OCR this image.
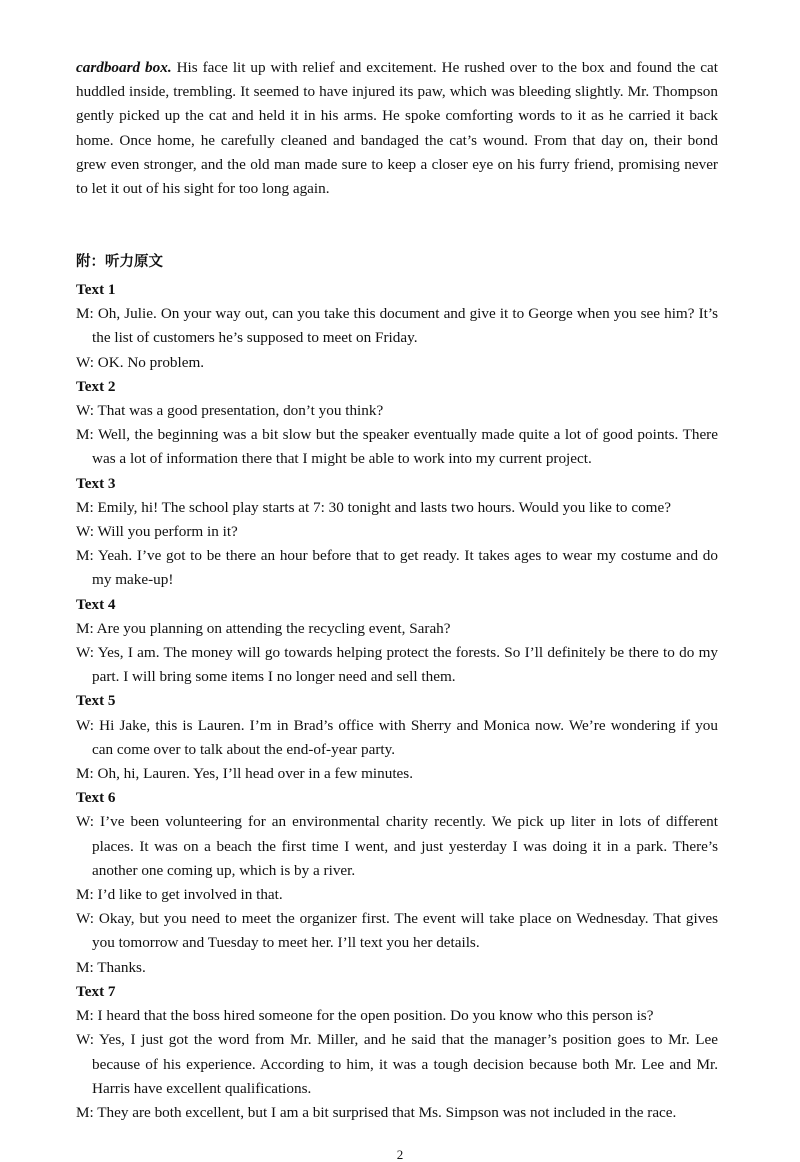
cardboard box. His face lit up with relief and excitement. He rushed over to the box and found the cat huddled inside, trembling. It seemed to have injured its paw, which was bleeding slightly. Mr. Thompson gently picked up the cat and held it in his arms. He spoke comforting words to it as he carried it back home. Once home, he carefully cleaned and bandaged the cat’s wound. From that day on, their bond grew even stronger, and the old man made sure to keep a closer eye on his furry friend, promising never to let it out of his sight for too long again.

附：听力原文

Text 1

M: Oh, Julie. On your way out, can you take this document and give it to George when you see him? It’s the list of customers he’s supposed to meet on Friday.

W: OK. No problem.

Text 2

W: That was a good presentation, don’t you think?

M: Well, the beginning was a bit slow but the speaker eventually made quite a lot of good points. There was a lot of information there that I might be able to work into my current project.

Text 3

M: Emily, hi! The school play starts at 7: 30 tonight and lasts two hours. Would you like to come?

W: Will you perform in it?

M: Yeah. I’ve got to be there an hour before that to get ready. It takes ages to wear my costume and do my make-up!

Text 4

M: Are you planning on attending the recycling event, Sarah?

W: Yes, I am. The money will go towards helping protect the forests. So I’ll definitely be there to do my part. I will bring some items I no longer need and sell them.

Text 5

W: Hi Jake, this is Lauren. I’m in Brad’s office with Sherry and Monica now. We’re wondering if you can come over to talk about the end-of-year party.

M: Oh, hi, Lauren. Yes, I’ll head over in a few minutes.

Text 6

W: I’ve been volunteering for an environmental charity recently. We pick up liter in lots of different places. It was on a beach the first time I went, and just yesterday I was doing it in a park. There’s another one coming up, which is by a river.

M: I’d like to get involved in that.

W: Okay, but you need to meet the organizer first. The event will take place on Wednesday. That gives you tomorrow and Tuesday to meet her. I’ll text you her details.

M: Thanks.

Text 7

M: I heard that the boss hired someone for the open position. Do you know who this person is?

W: Yes, I just got the word from Mr. Miller, and he said that the manager’s position goes to Mr. Lee because of his experience. According to him, it was a tough decision because both Mr. Lee and Mr. Harris have excellent qualifications.

M: They are both excellent, but I am a bit surprised that Ms. Simpson was not included in the race.

2
